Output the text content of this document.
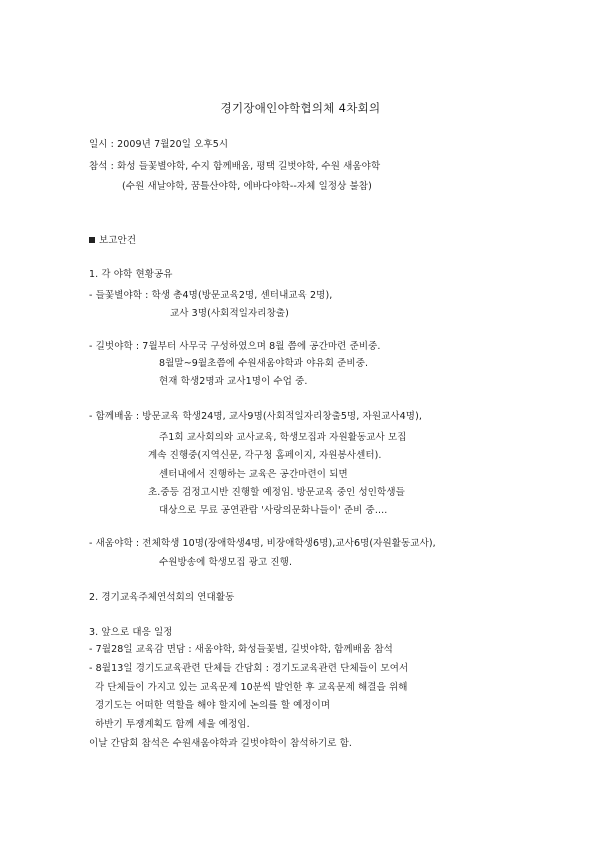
경기장애인야학협의체 4차회의
일시 : 2009년 7월20일 오후5시
참석 : 화성 들꽃별야학, 수지 함께배움, 평택 길벗야학, 수원 새움야학
(수원 새날야학, 꿈틀산야학, 에바다야학--자체 일정상 불참)
보고안건
1. 각 야학 현황공유
- 들꽃별야학 : 학생 총4명(방문교육2명, 센터내교육 2명),
교사 3명(사회적일자리창출)
- 길벗야학 : 7월부터 사무국 구성하였으며 8월 쯤에 공간마련 준비중.
8월말~9월초쯤에 수원새움야학과 야유회 준비중.
현재 학생2명과 교사1명이 수업 중.
- 함께배움 : 방문교육 학생24명, 교사9명(사회적일자리창출5명, 자원교사4명),
주1회 교사회의와 교사교육, 학생모집과 자원활동교사 모집
계속 진행중(지역신문, 각구청 홈페이지, 자원봉사센터).
센터내에서 진행하는 교육은 공간마련이 되면
초.중등 검정고시반 진행할 예정임. 방문교육 중인 성인학생들
대상으로 무료 공연관람 '사랑의문화나들이' 준비 중....
- 새움야학 : 전체학생 10명(장애학생4명, 비장애학생6명),교사6명(자원활동교사),
수원방송에 학생모집 광고 진행.
2. 경기교육주체연석회의 연대활동
3. 앞으로 대응 일정
- 7월28일 교육감 면담 : 새움야학, 화성들꽃별, 길벗야학, 함께배움 참석
- 8월13일 경기도교육관련 단체들 간담회 : 경기도교육관련 단체들이 모여서
각 단체들이 가지고 있는 교육문제 10분씩 발언한 후 교육문제 해결을 위해
경기도는 어떠한 역할을 해야 할지에 논의를 할 예정이며
하반기 투쟁계획도 함께 세울 예정임.
이날 간담회 참석은 수원새움야학과 길벗야학이 참석하기로 함.
